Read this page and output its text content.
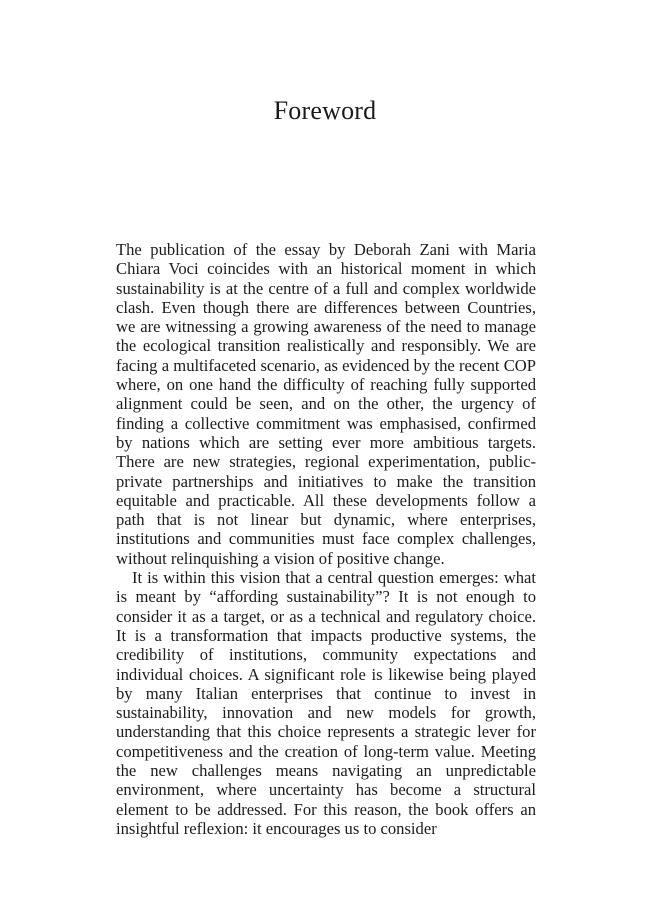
Foreword

The publication of the essay by Deborah Zani with Maria Chiara Voci coincides with an historical moment in which sustainability is at the centre of a full and complex worldwide clash. Even though there are differences between Countries, we are witnessing a growing awareness of the need to manage the ecological transition realistically and responsibly. We are facing a multifaceted scenario, as evidenced by the recent COP where, on one hand the difficulty of reaching fully supported alignment could be seen, and on the other, the urgency of finding a collective commitment was emphasised, confirmed by nations which are setting ever more ambitious targets. There are new strategies, regional experimentation, public-private partnerships and initiatives to make the transition equitable and practicable. All these developments follow a path that is not linear but dynamic, where enterprises, institutions and communities must face complex challenges, without relinquishing a vision of positive change.

It is within this vision that a central question emerges: what is meant by “affording sustainability”? It is not enough to consider it as a target, or as a technical and regulatory choice. It is a transformation that impacts productive systems, the credibility of institutions, community expectations and individual choices. A significant role is likewise being played by many Italian enterprises that continue to invest in sustainability, innovation and new models for growth, understanding that this choice represents a strategic lever for competitiveness and the creation of long-term value. Meeting the new challenges means navigating an unpredictable environment, where uncertainty has become a structural element to be addressed. For this reason, the book offers an insightful reflexion: it encourages us to consider
